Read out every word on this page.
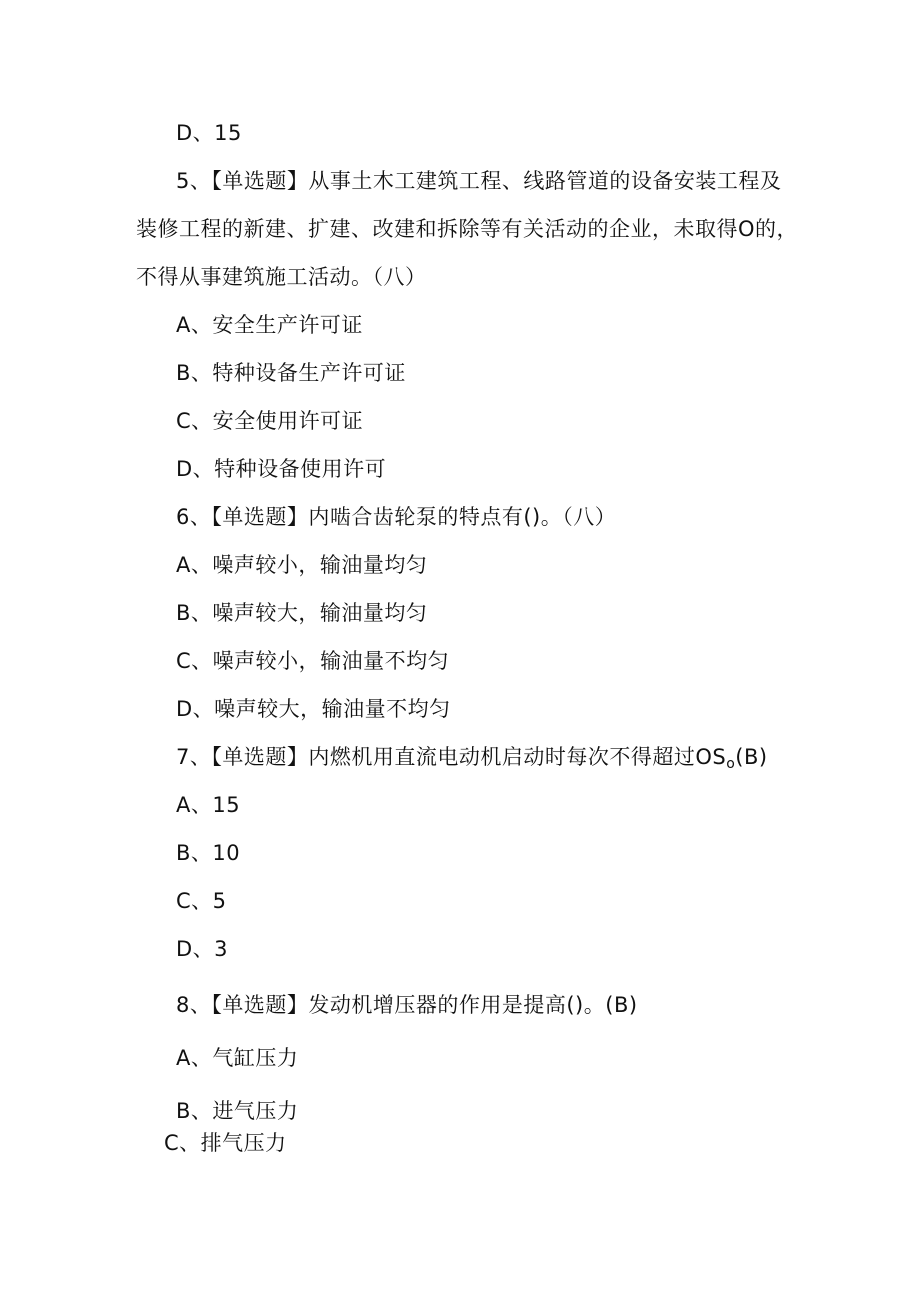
D、15
5、【单选题】从事土木工建筑工程、线路管道的设备安装工程及
装修工程的新建、扩建、改建和拆除等有关活动的企业，未取得O的，
不得从事建筑施工活动。（八）
A、安全生产许可证
B、特种设备生产许可证
C、安全使用许可证
D、特种设备使用许可
6、【单选题】内啮合齿轮泵的特点有()。（八）
A、噪声较小，输油量均匀
B、噪声较大，输油量均匀
C、噪声较小，输油量不均匀
D、噪声较大，输油量不均匀
7、【单选题】内燃机用直流电动机启动时每次不得超过$OS_o(B)$
A、15
B、10
C、5
D、3
8、【单选题】发动机增压器的作用是提高()。(B)
A、气缸压力
B、进气压力
C、排气压力
